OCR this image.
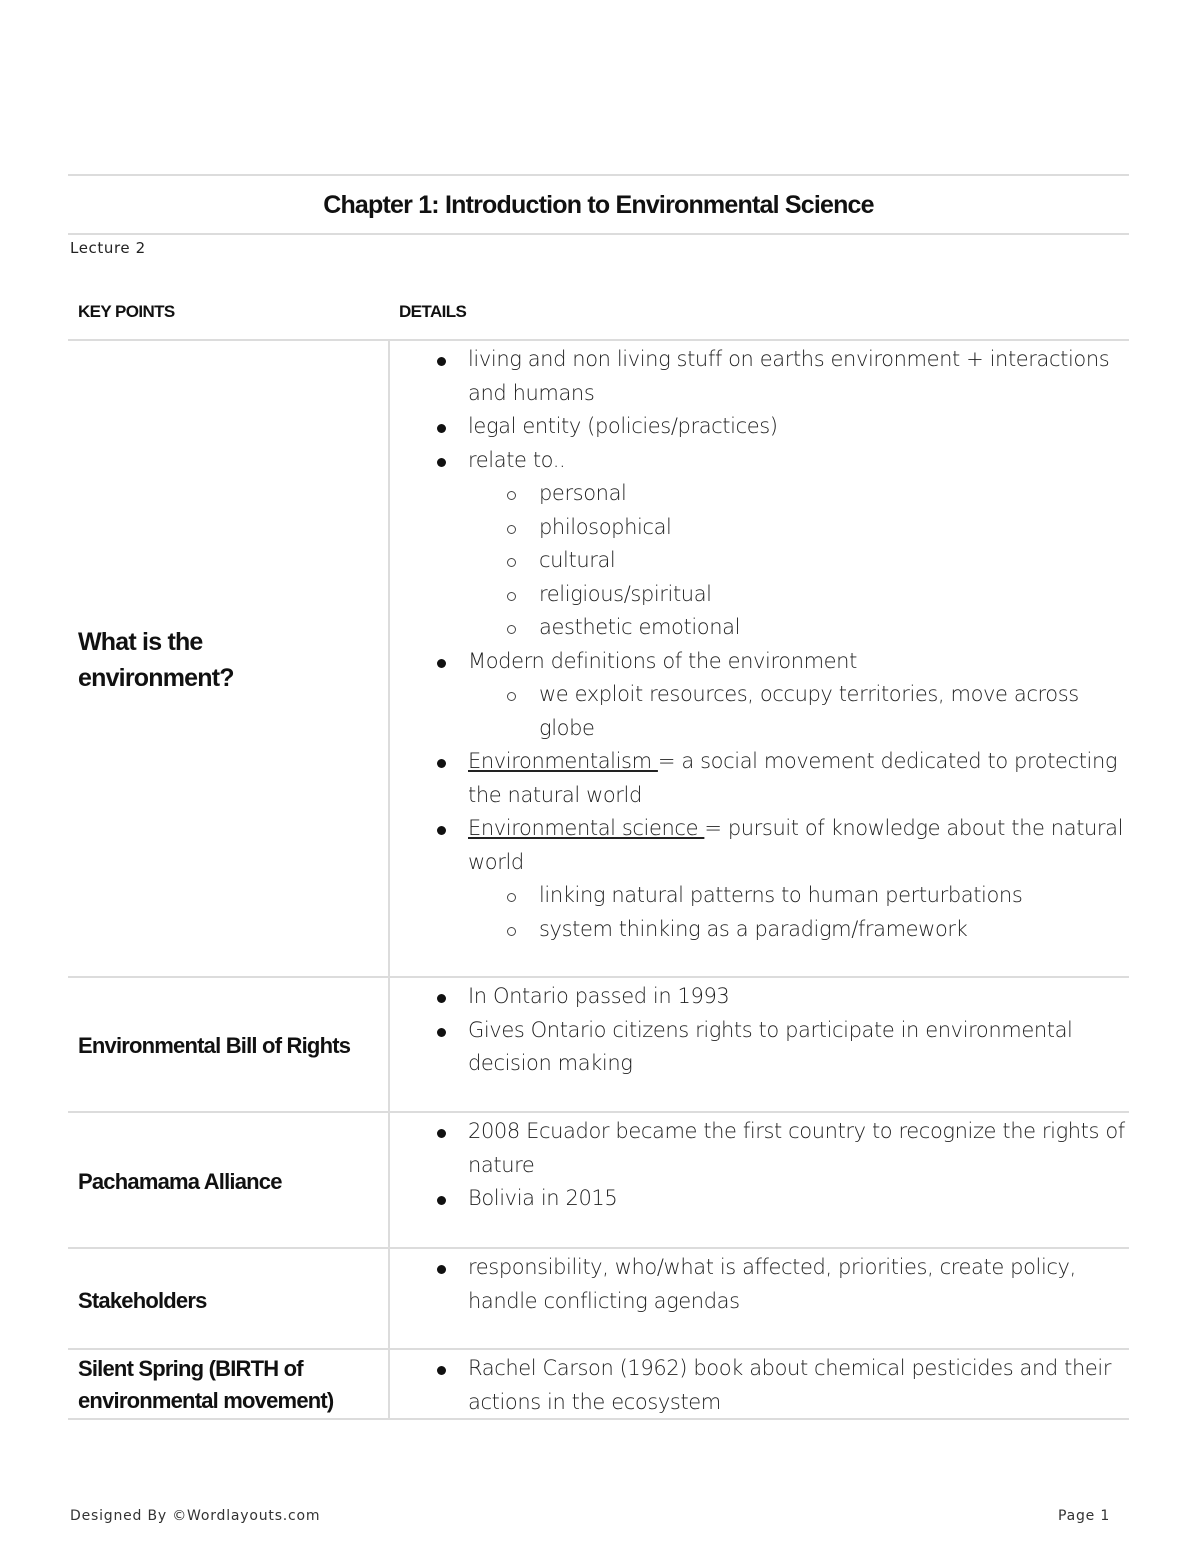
Chapter 1: Introduction to Environmental Science
Lecture 2
KEY POINTS	DETAILS
What is the environment?
living and non living stuff on earths environment + interactions and humans
legal entity (policies/practices)
relate to..
personal
philosophical
cultural
religious/spiritual
aesthetic emotional
Modern definitions of the environment
we exploit resources, occupy territories, move across globe
Environmentalism = a social movement dedicated to protecting the natural world
Environmental science = pursuit of knowledge about the natural world
linking natural patterns to human perturbations
system thinking as a paradigm/framework
Environmental Bill of Rights
In Ontario passed in 1993
Gives Ontario citizens rights to participate in environmental decision making
Pachamama Alliance
2008 Ecuador became the first country to recognize the rights of nature
Bolivia in 2015
Stakeholders
responsibility, who/what is affected, priorities, create policy, handle conflicting agendas
Silent Spring (BIRTH of environmental movement)
Rachel Carson (1962) book about chemical pesticides and their actions in the ecosystem
Designed By ©Wordlayouts.com	Page 1
